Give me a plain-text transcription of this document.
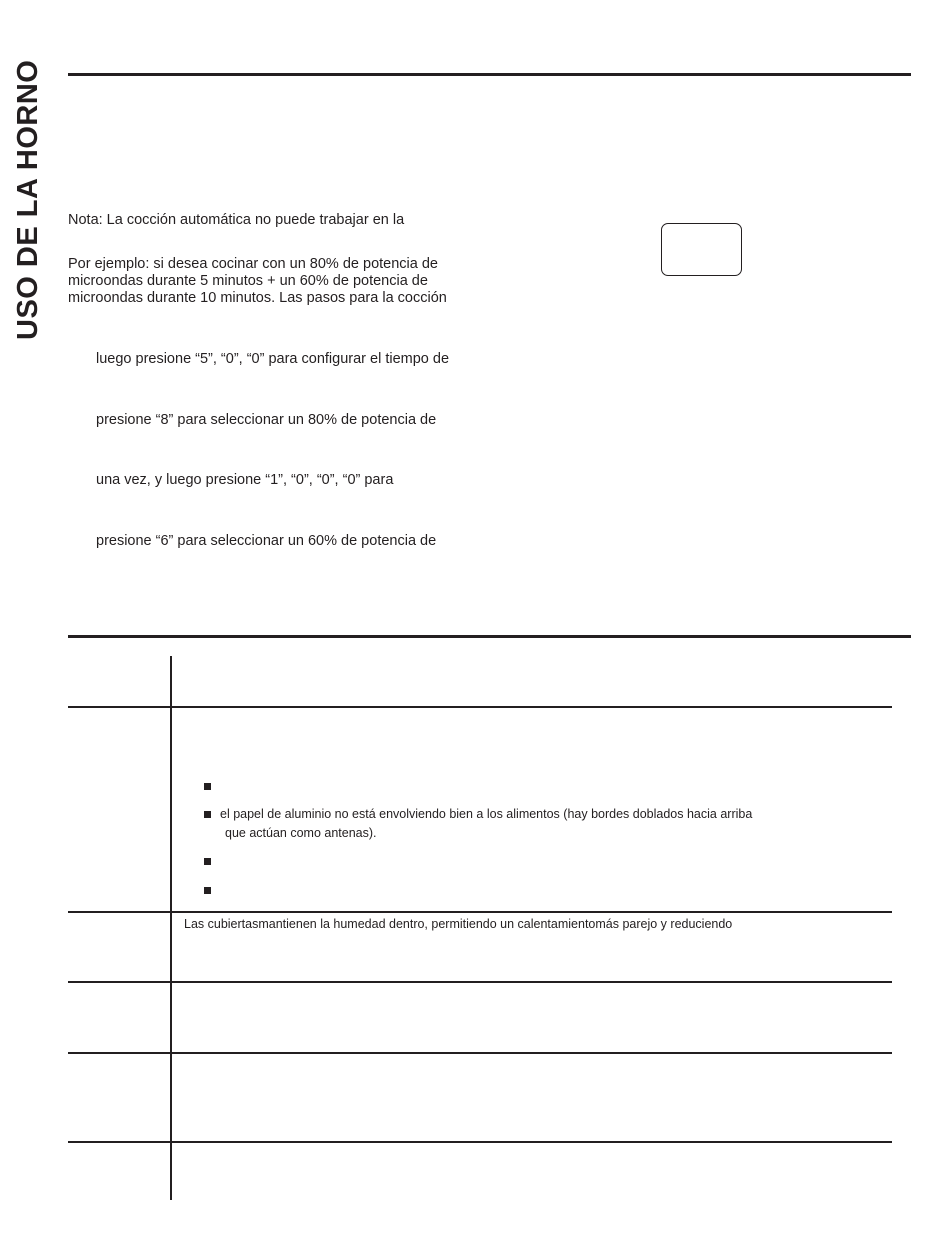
USO DE LA HORNO Nota: La cocción automática no puede trabajar en la
Por ejemplo: si desea cocinar con un 80% de potencia de
microondas durante 5 minutos + un 60% de potencia de
microondas durante 10 minutos. Las pasos para la cocción
luego presione “5”, “0”, “0” para configurar el tiempo de
presione “8” para seleccionar un 80% de potencia de
una vez, y luego presione “1”, “0”, “0”, “0” para
presione “6” para seleccionar un 60% de potencia de
el papel de aluminio no está envolviendo bien a los alimentos (hay bordes doblados hacia arriba
que actúan como antenas).
Las cubiertasmantienen la humedad dentro, permitiendo un calentamientomás parejo y reduciendo
